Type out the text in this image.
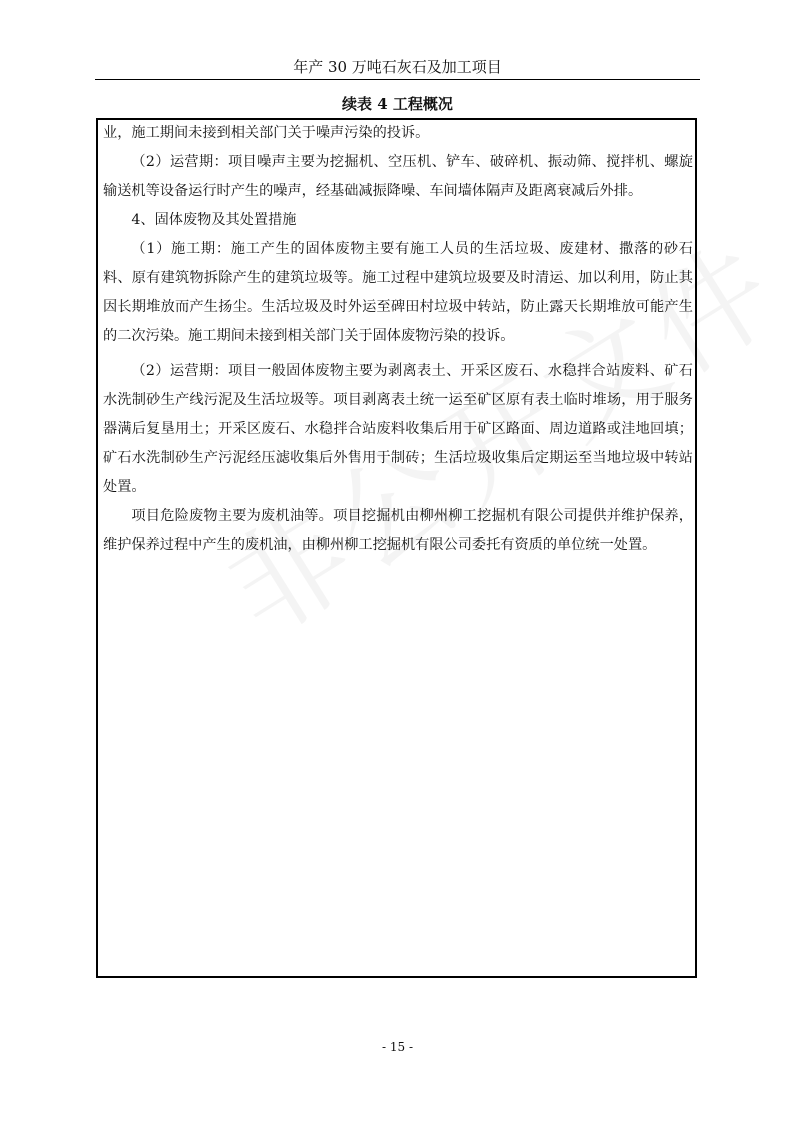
年产 30 万吨石灰石及加工项目
续表 4 工程概况

业，施工期间未接到相关部门关于噪声污染的投诉。

（2）运营期：项目噪声主要为挖掘机、空压机、铲车、破碎机、振动筛、搅拌机、螺旋输送机等设备运行时产生的噪声，经基础减振降噪、车间墙体隔声及距离衰减后外排。

4、固体废物及其处置措施

（1）施工期：施工产生的固体废物主要有施工人员的生活垃圾、废建材、撒落的砂石料、原有建筑物拆除产生的建筑垃圾等。施工过程中建筑垃圾要及时清运、加以利用，防止其因长期堆放而产生扬尘。生活垃圾及时外运至碑田村垃圾中转站，防止露天长期堆放可能产生的二次污染。施工期间未接到相关部门关于固体废物污染的投诉。

（2）运营期：项目一般固体废物主要为剥离表土、开采区废石、水稳拌合站废料、矿石水洗制砂生产线污泥及生活垃圾等。项目剥离表土统一运至矿区原有表土临时堆场，用于服务器满后复垦用土；开采区废石、水稳拌合站废料收集后用于矿区路面、周边道路或洼地回填；矿石水洗制砂生产污泥经压滤收集后外售用于制砖；生活垃圾收集后定期运至当地垃圾中转站处置。

项目危险废物主要为废机油等。项目挖掘机由柳州柳工挖掘机有限公司提供并维护保养，维护保养过程中产生的废机油，由柳州柳工挖掘机有限公司委托有资质的单位统一处置。

- 15 -
